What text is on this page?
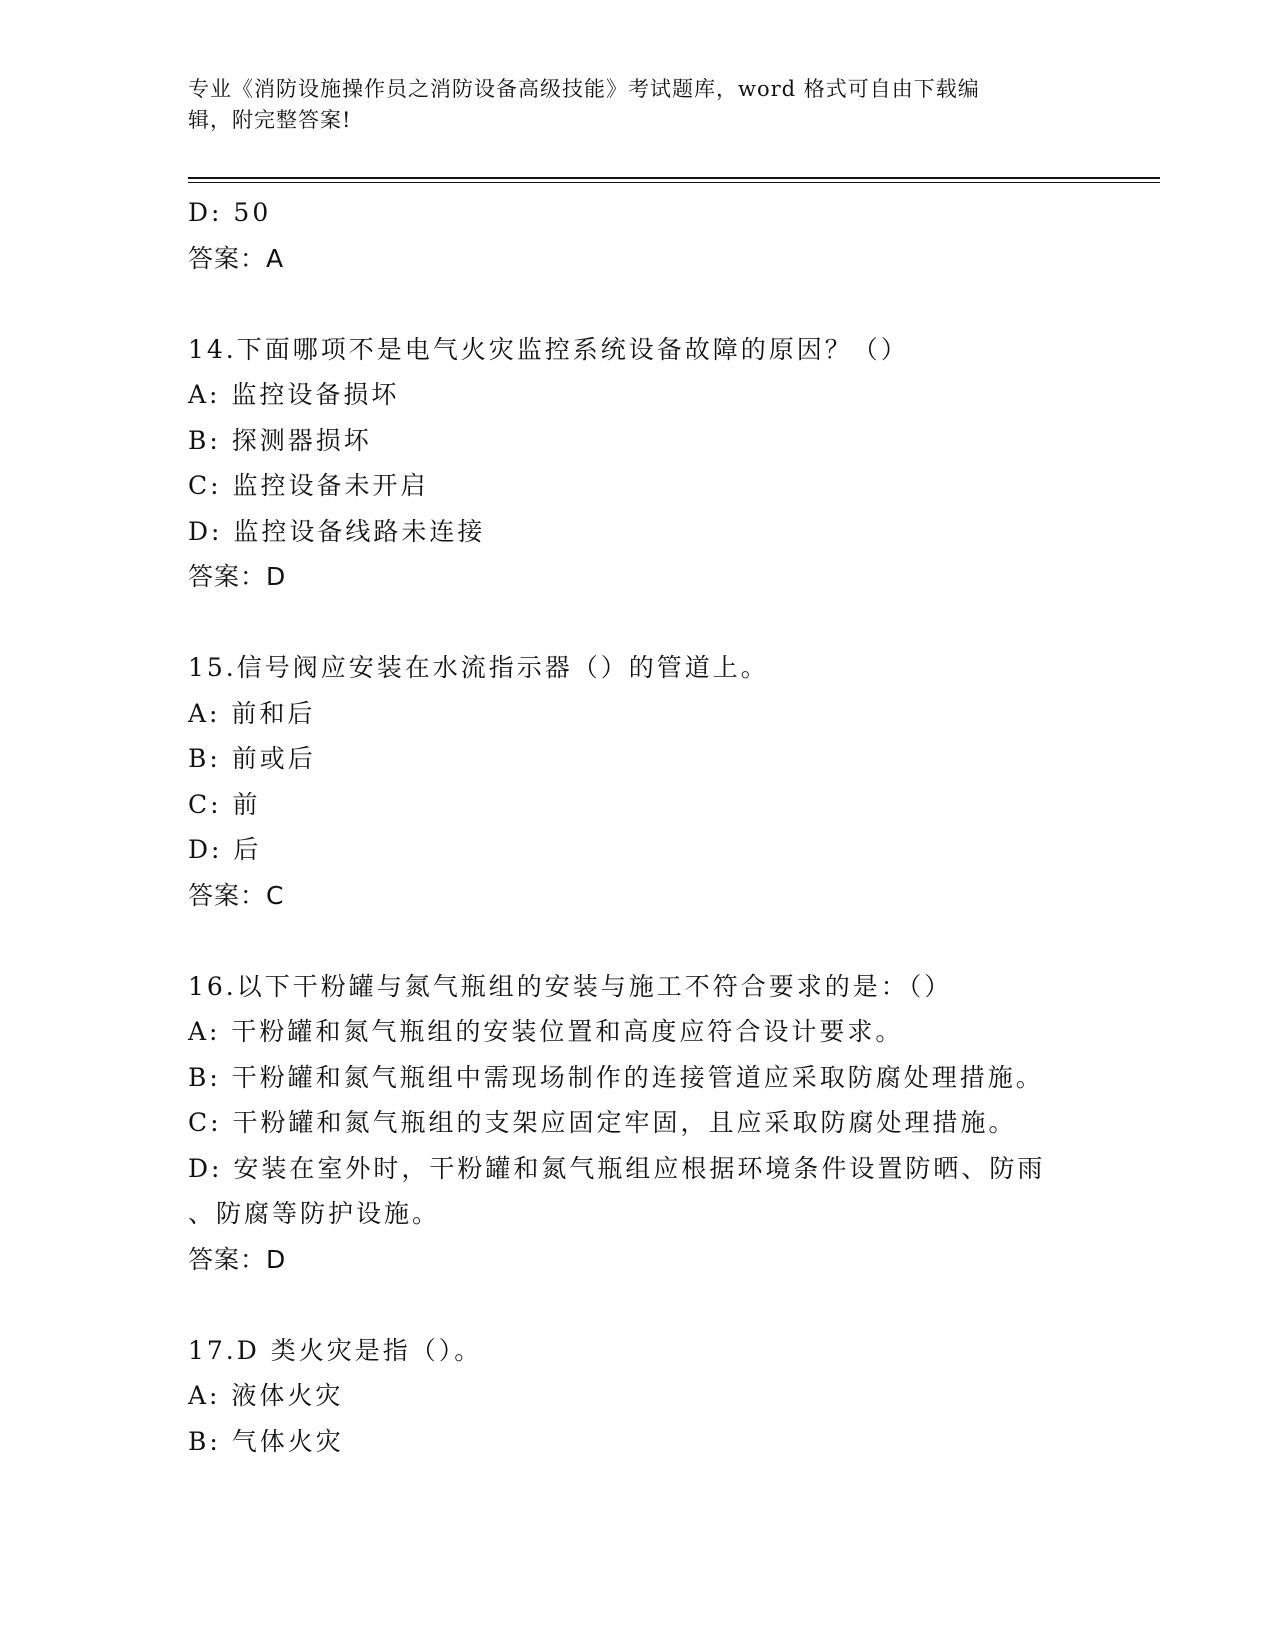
专业《消防设施操作员之消防设备高级技能》考试题库，word 格式可自由下载编
辑，附完整答案!
D: 50
答案：A
14.下面哪项不是电气火灾监控系统设备故障的原因？（）
A: 监控设备损坏
B: 探测器损坏
C: 监控设备未开启
D: 监控设备线路未连接
答案：D
15.信号阀应安装在水流指示器（）的管道上。
A: 前和后
B: 前或后
C: 前
D: 后
答案：C
16.以下干粉罐与氮气瓶组的安装与施工不符合要求的是：（）
A: 干粉罐和氮气瓶组的安装位置和高度应符合设计要求。
B: 干粉罐和氮气瓶组中需现场制作的连接管道应采取防腐处理措施。
C: 干粉罐和氮气瓶组的支架应固定牢固，且应采取防腐处理措施。
D: 安装在室外时，干粉罐和氮气瓶组应根据环境条件设置防晒、防雨
、防腐等防护设施。
答案：D
17.D 类火灾是指（）。
A: 液体火灾
B: 气体火灾
